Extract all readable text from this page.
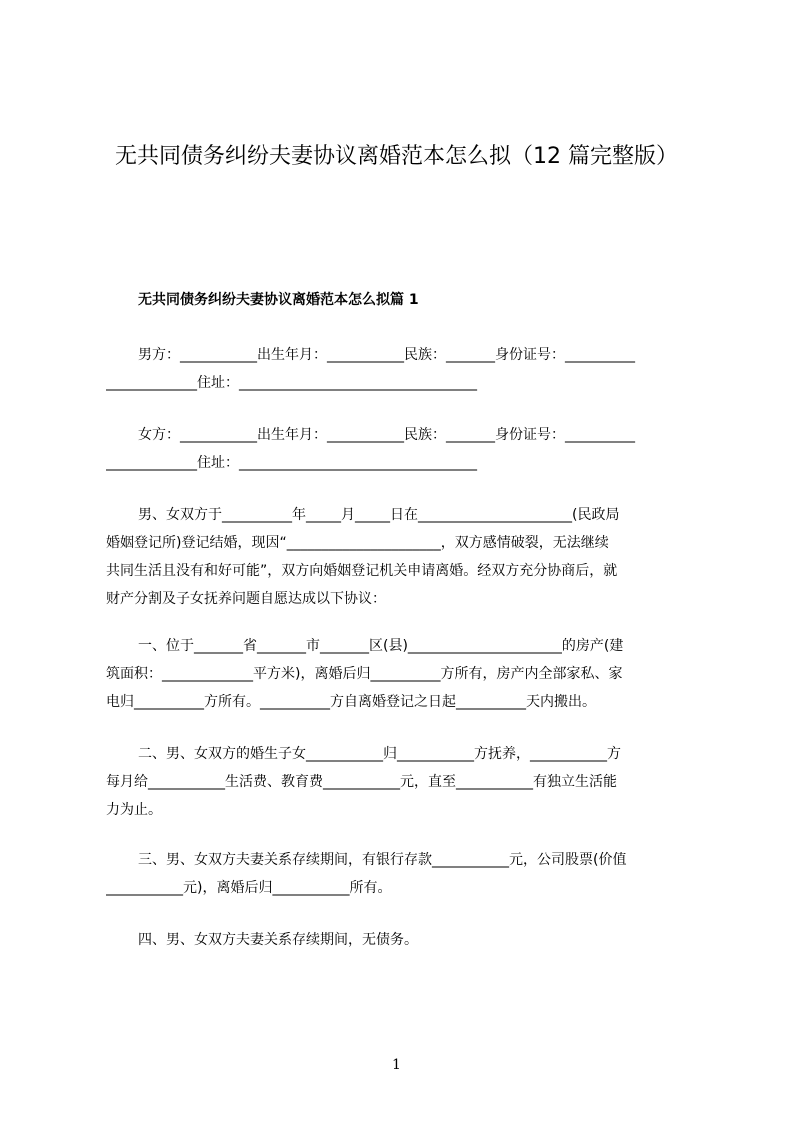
无共同债务纠纷夫妻协议离婚范本怎么拟（12 篇完整版）
无共同债务纠纷夫妻协议离婚范本怎么拟篇 1
男方：___________出生年月：___________民族：_______身份证号：__________
_____________住址：__________________________________
女方：___________出生年月：___________民族：_______身份证号：__________
_____________住址：__________________________________
男、女双方于__________年_____月_____日在______________________(民政局
婚姻登记所)登记结婚，现因“______________________，双方感情破裂，无法继续
共同生活且没有和好可能”，双方向婚姻登记机关申请离婚。经双方充分协商后，就
财产分割及子女抚养问题自愿达成以下协议：
一、位于_______省_______市_______区(县)______________________的房产(建
筑面积：_____________平方米)，离婚后归__________方所有，房产内全部家私、家
电归__________方所有。__________方自离婚登记之日起__________天内搬出。
二、男、女双方的婚生子女___________归___________方抚养，___________方
每月给___________生活费、教育费___________元，直至___________有独立生活能
力为止。
三、男、女双方夫妻关系存续期间，有银行存款___________元，公司股票(价值
___________元)，离婚后归___________所有。
四、男、女双方夫妻关系存续期间，无债务。
1
